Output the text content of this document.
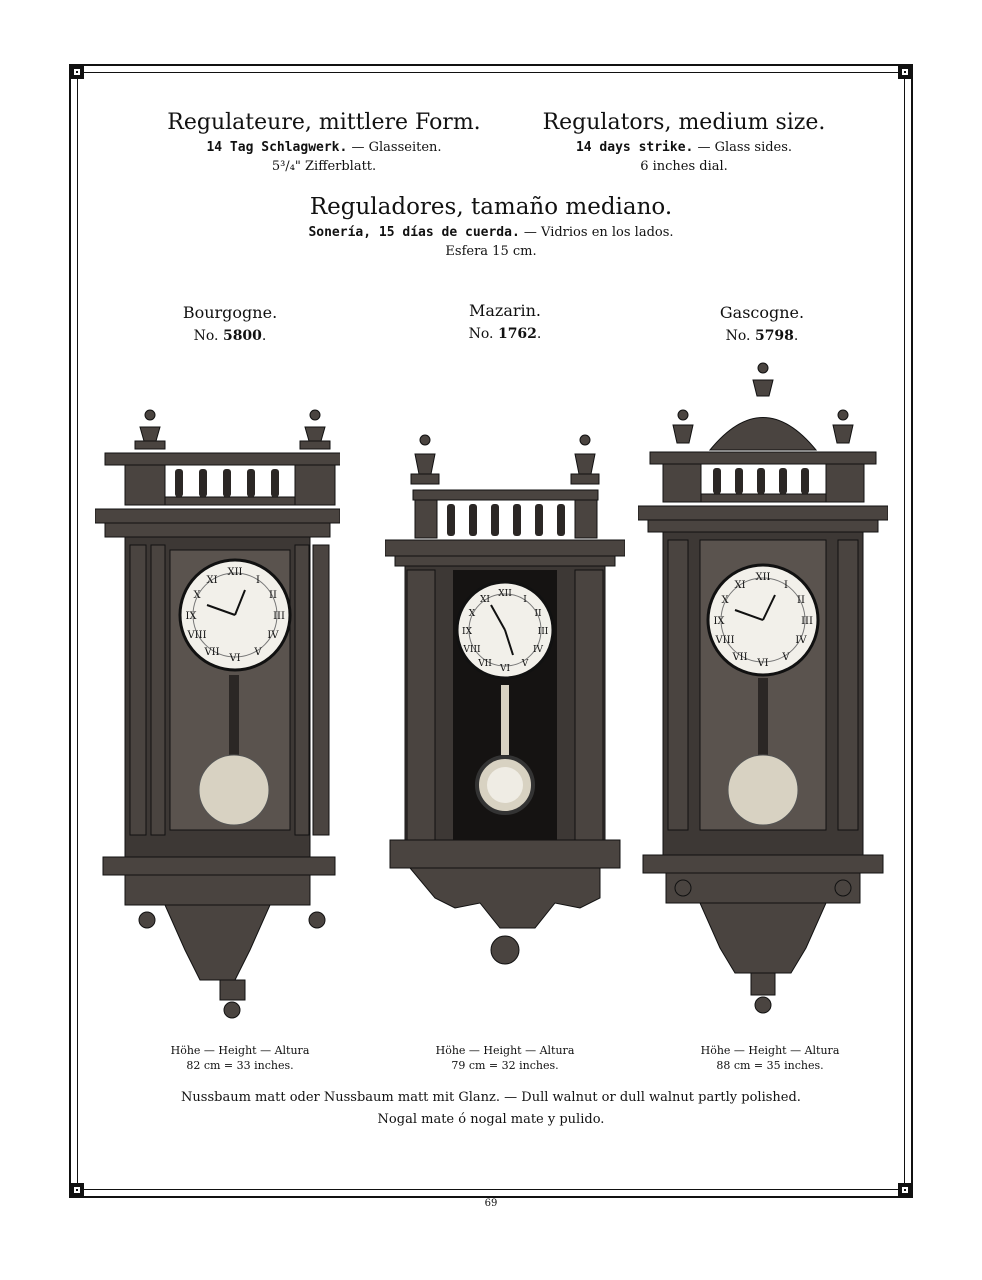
Regulateure, mittlere Form.
14 Tag Schlagwerk. — Glasseiten.
5³/₄" Zifferblatt.
Regulators, medium size.
14 days strike. — Glass sides.
6 inches dial.
Reguladores, tamaño mediano.
Sonería, 15 días de cuerda. — Vidrios en los lados.
Esfera 15 cm.
Bourgogne.
No. 5800.
Mazarin.
No. 1762.
Gascogne.
No. 5798.
XII
VI
IX	III
I
II
IV
V
VII
VIII
X
XI
XII
VI
IX	III
I
II
IV
V
VII
VIII
X
XI
XII
VI
IX	III
I
II
IV
V
VII
VIII
X
XI
Höhe — Height — Altura
82 cm = 33 inches.
Höhe — Height — Altura
79 cm = 32 inches.
Höhe — Height — Altura
88 cm = 35 inches.
Nussbaum matt oder Nussbaum matt mit Glanz. — Dull walnut or dull walnut partly polished.
Nogal mate ó nogal mate y pulido.
69
